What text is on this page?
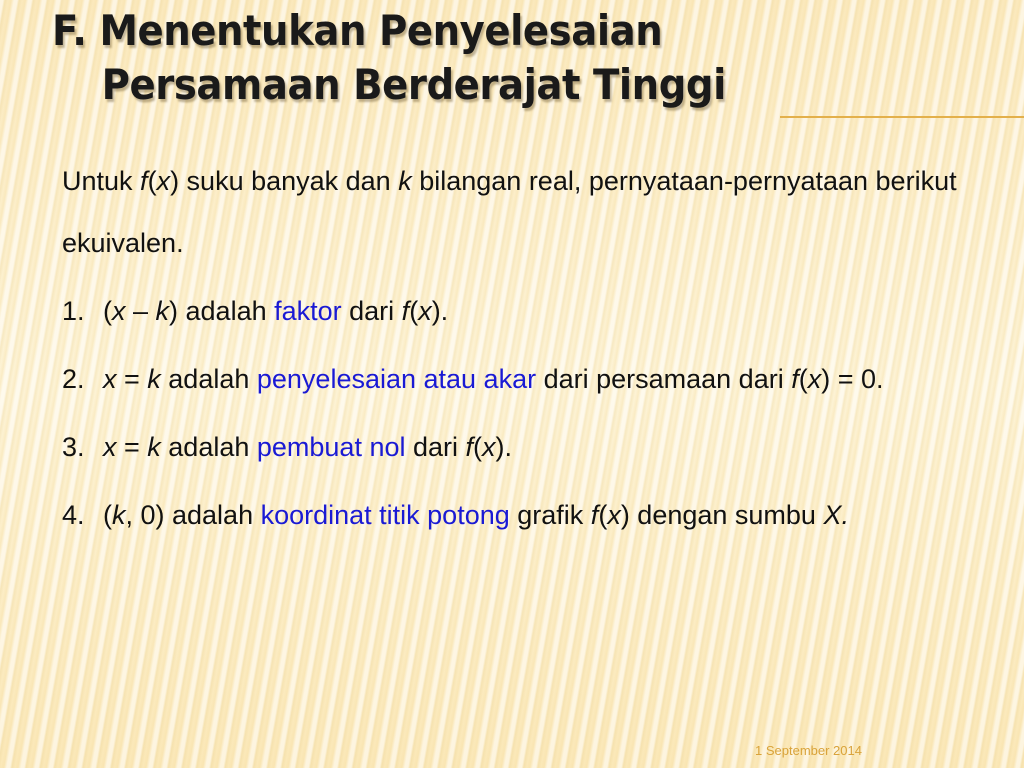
F. Menentukan Penyelesaian
Persamaan Berderajat Tinggi

Untuk f(x) suku banyak dan k bilangan real, pernyataan-pernyataan berikut ekuivalen.

1. (x – k) adalah faktor dari f(x).
2. x = k adalah penyelesaian atau akar dari persamaan dari f(x) = 0.
3. x = k adalah pembuat nol dari f(x).
4. (k, 0) adalah koordinat titik potong grafik f(x) dengan sumbu X.
1 September 2014
